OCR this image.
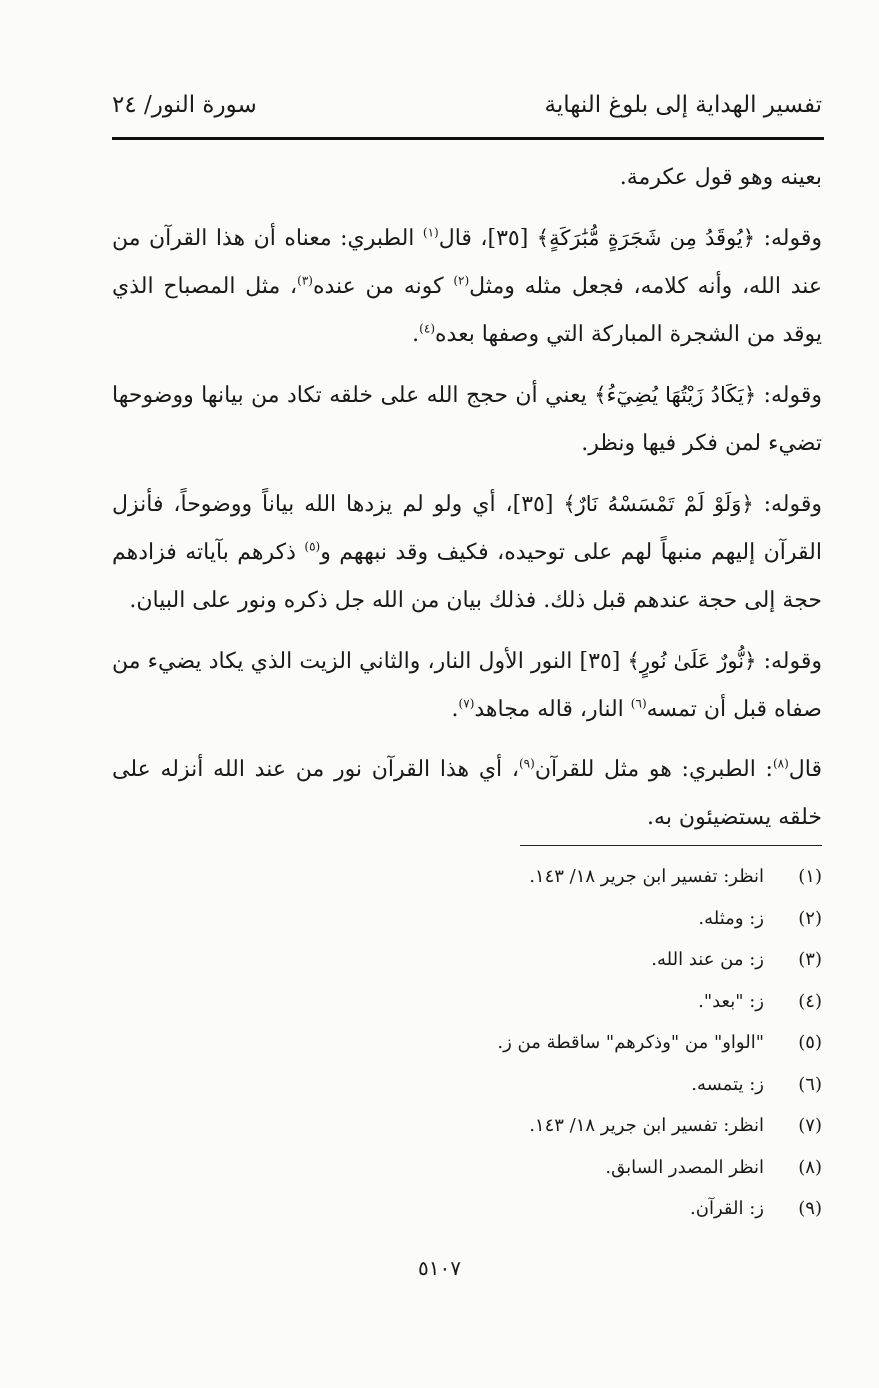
تفسير الهداية إلى بلوغ النهاية
سورة النور/ ٢٤

بعينه وهو قول عكرمة.

وقوله: ﴿يُوقَدُ مِن شَجَرَةٍ مُّبَٰرَكَةٍ﴾ [٣٥]، قال$^{(١)}$ الطبري: معناه أن هذا القرآن من عند الله، وأنه كلامه، فجعل مثله ومثل$^{(٢)}$ كونه من عنده$^{(٣)}$، مثل المصباح الذي يوقد من الشجرة المباركة التي وصفها بعده$^{(٤)}$.

وقوله: ﴿يَكَادُ زَيْتُهَا يُضِيٓءُ﴾ يعني أن حجج الله على خلقه تكاد من بيانها ووضوحها تضيء لمن فكر فيها ونظر.

وقوله: ﴿وَلَوْ لَمْ تَمْسَسْهُ نَارٌ﴾ [٣٥]، أي ولو لم يزدها الله بياناً ووضوحاً، فأنزل القرآن إليهم منبهاً لهم على توحيده، فكيف وقد نبههم و$^{(٥)}$ ذكرهم بآياته فزادهم حجة إلى حجة عندهم قبل ذلك. فذلك بيان من الله جل ذكره ونور على البيان.

وقوله: ﴿نُّورٌ عَلَىٰ نُورٍ﴾ [٣٥] النور الأول النار، والثاني الزيت الذي يكاد يضيء من صفاه قبل أن تمسه$^{(٦)}$ النار، قاله مجاهد$^{(٧)}$.

قال$^{(٨)}$: الطبري: هو مثل للقرآن$^{(٩)}$، أي هذا القرآن نور من عند الله أنزله على خلقه يستضيئون به.

(١)
انظر: تفسير ابن جرير ١٨/ ١٤٣.
(٢)
ز: ومثله.
(٣)
ز: من عند الله.
(٤)
ز: "بعد".
(٥)
"الواو" من "وذكرهم" ساقطة من ز.
(٦)
ز: يتمسه.
(٧)
انظر: تفسير ابن جرير ١٨/ ١٤٣.
(٨)
انظر المصدر السابق.
(٩)
ز: القرآن.
٥١٠٧
